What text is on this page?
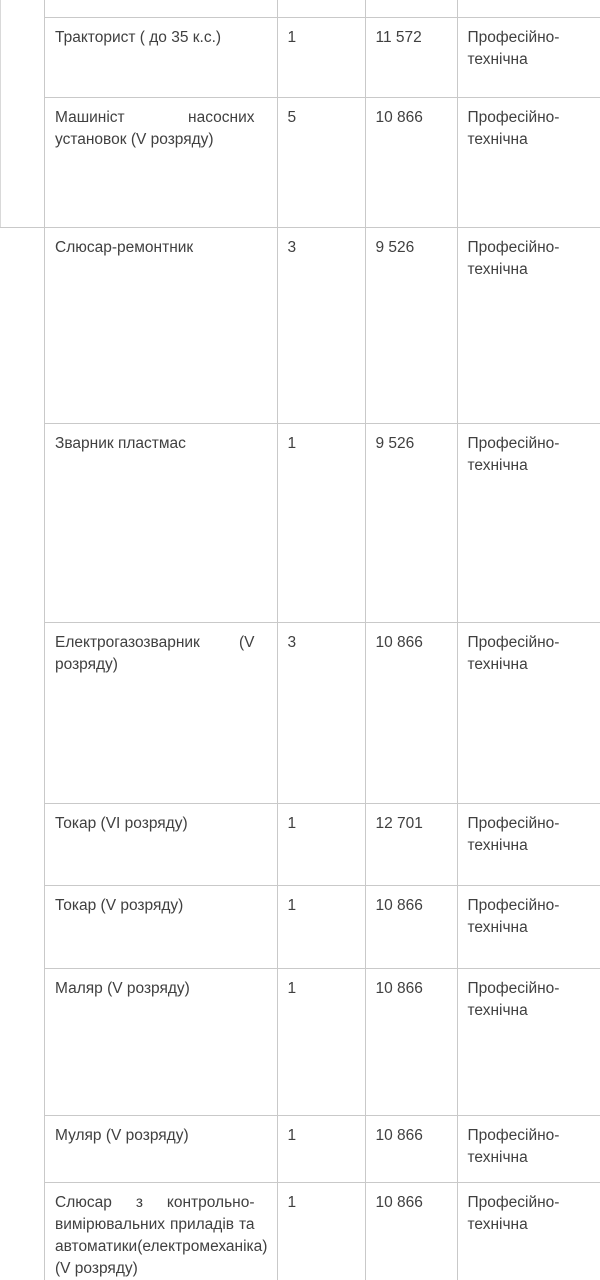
Тракторист ( до 35 к.с.)	1	11 572	Професійно-технічна
Машиніст насосних установок (V розряду)	5	10 866	Професійно-технічна
Слюсар-ремонтник	3	9 526	Професійно-технічна
Зварник пластмас	1	9 526	Професійно-технічна
Електрогазозварник (V розряду)	3	10 866	Професійно-технічна
Токар (VI розряду)	1	12 701	Професійно-технічна
Токар (V розряду)	1	10 866	Професійно-технічна
Маляр (V розряду)	1	10 866	Професійно-технічна
Муляр (V розряду)	1	10 866	Професійно-технічна
Слюсар з контрольно-вимірювальних приладів та автоматики(електромеханіка) (V розряду)	1	10 866	Професійно-технічна
